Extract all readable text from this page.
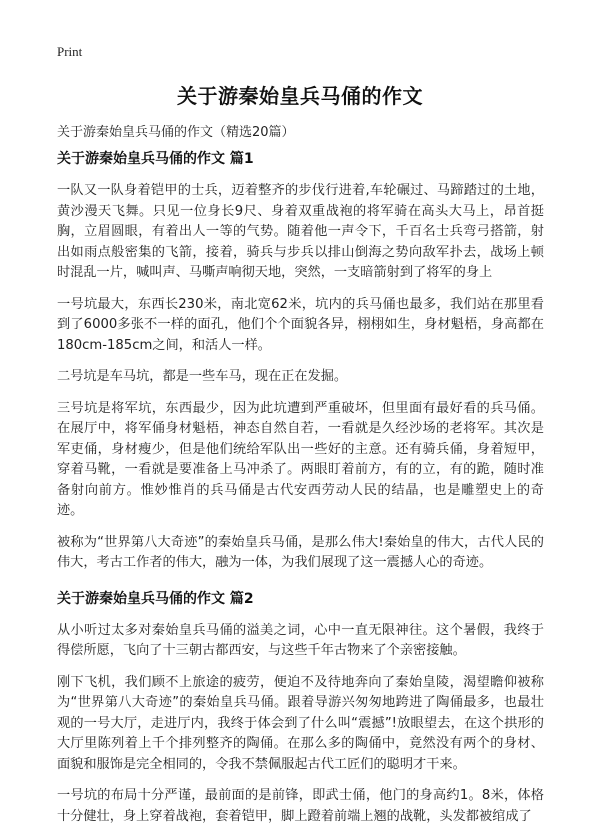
Print
关于游秦始皇兵马俑的作文

关于游秦始皇兵马俑的作文（精选20篇）

关于游秦始皇兵马俑的作文 篇1

一队又一队身着铠甲的士兵，迈着整齐的步伐行进着,车轮碾过、马蹄踏过的土地，黄沙漫天飞舞。只见一位身长9尺、身着双重战袍的将军骑在高头大马上，昂首挺胸，立眉圆眼，有着出人一等的气势。随着他一声令下，千百名士兵弯弓搭箭，射出如雨点般密集的飞箭，接着，骑兵与步兵以排山倒海之势向敌军扑去，战场上顿时混乱一片，喊叫声、马嘶声响彻天地，突然，一支暗箭射到了将军的身上

一号坑最大，东西长230米，南北宽62米，坑内的兵马俑也最多，我们站在那里看到了6000多张不一样的面孔，他们个个面貌各异，栩栩如生，身材魁梧，身高都在180cm-185cm之间，和活人一样。

二号坑是车马坑，都是一些车马，现在正在发掘。

三号坑是将军坑，东西最少，因为此坑遭到严重破坏，但里面有最好看的兵马俑。在展厅中，将军俑身材魁梧，神态自然自若，一看就是久经沙场的老将军。其次是军吏俑，身材瘦少，但是他们统给军队出一些好的主意。还有骑兵俑，身着短甲，穿着马靴，一看就是要准备上马冲杀了。两眼盯着前方，有的立，有的跪，随时准备射向前方。惟妙惟肖的兵马俑是古代安西劳动人民的结晶，也是雕塑史上的奇迹。

被称为“世界第八大奇迹”的秦始皇兵马俑，是那么伟大!秦始皇的伟大，古代人民的伟大，考古工作者的伟大，融为一体，为我们展现了这一震撼人心的奇迹。

关于游秦始皇兵马俑的作文 篇2

从小听过太多对秦始皇兵马俑的溢美之词，心中一直无限神往。这个暑假，我终于得偿所愿，飞向了十三朝古都西安，与这些千年古物来了个亲密接触。

刚下飞机，我们顾不上旅途的疲劳，便迫不及待地奔向了秦始皇陵，渴望瞻仰被称为“世界第八大奇迹”的秦始皇兵马俑。跟着导游兴匆匆地跨进了陶俑最多，也最壮观的一号大厅，走进厅内，我终于体会到了什么叫“震撼”!放眼望去，在这个拱形的大厅里陈列着上千个排列整齐的陶俑。在那么多的陶俑中，竟然没有两个的身材、面貌和服饰是完全相同的，令我不禁佩服起古代工匠们的聪明才干来。

一号坑的布局十分严谨，最前面的是前锋，即武士俑，他门的身高约1。8米，体格十分健壮，身上穿着战袍，套着铠甲，脚上蹬着前端上翘的战靴，头发都被绾成了
